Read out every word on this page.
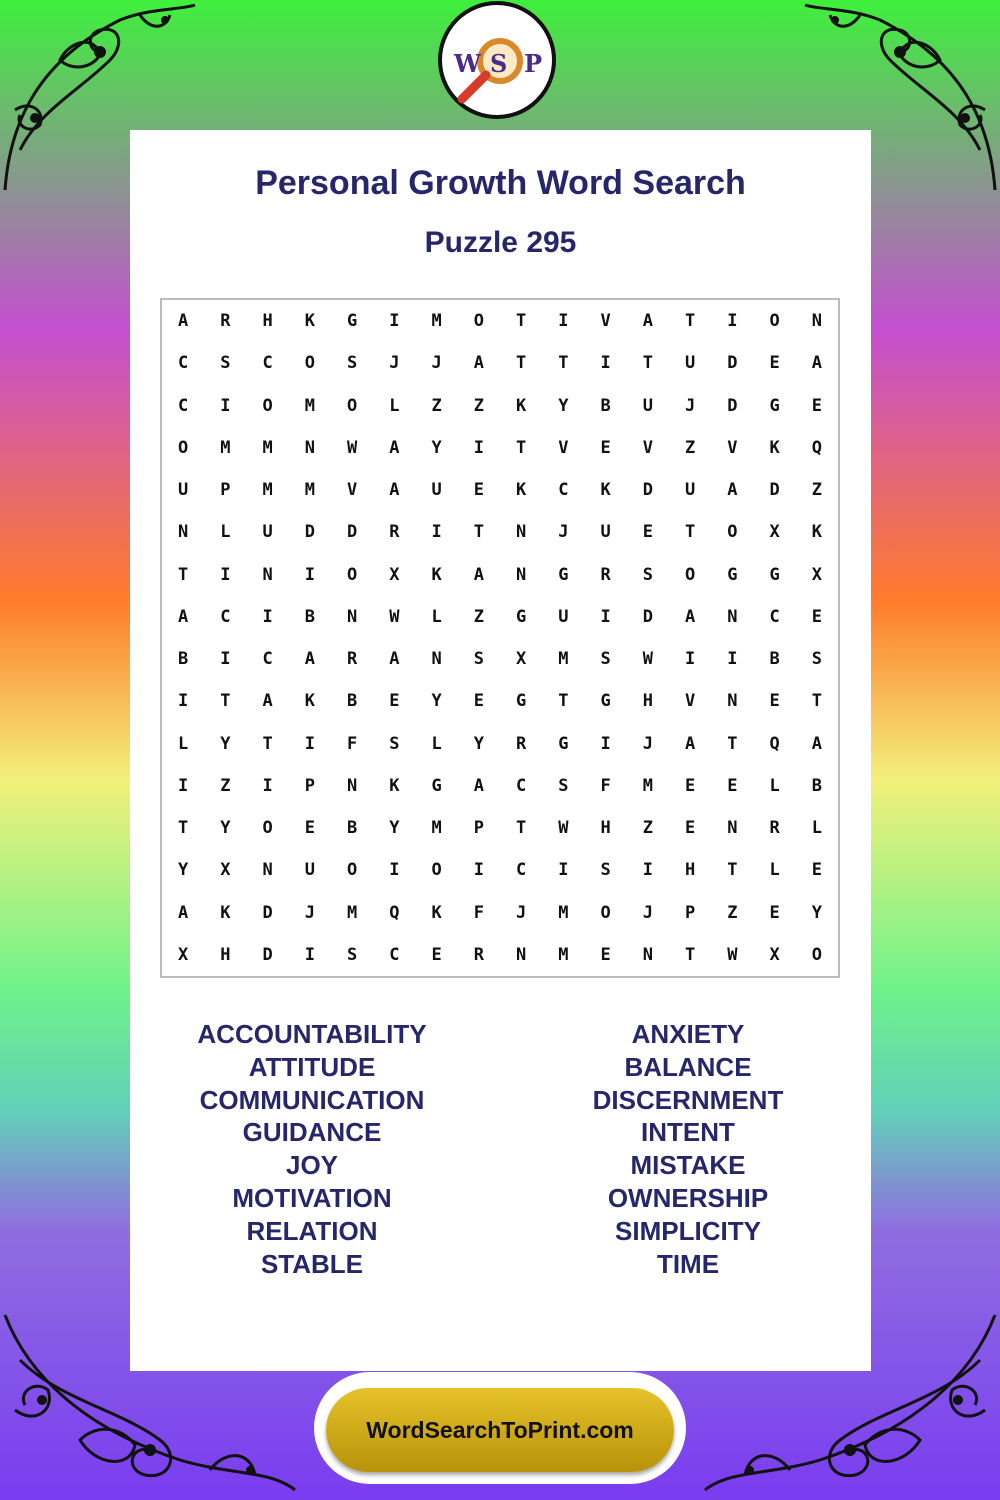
W S P
Personal Growth Word Search
Puzzle 295
A	R	H	K	G	I	M	O	T	I	V	A	T	I	O	N
C	S	C	O	S	J	J	A	T	T	I	T	U	D	E	A
C	I	O	M	O	L	Z	Z	K	Y	B	U	J	D	G	E
O	M	M	N	W	A	Y	I	T	V	E	V	Z	V	K	Q
U	P	M	M	V	A	U	E	K	C	K	D	U	A	D	Z
N	L	U	D	D	R	I	T	N	J	U	E	T	O	X	K
T	I	N	I	O	X	K	A	N	G	R	S	O	G	G	X
A	C	I	B	N	W	L	Z	G	U	I	D	A	N	C	E
B	I	C	A	R	A	N	S	X	M	S	W	I	I	B	S
I	T	A	K	B	E	Y	E	G	T	G	H	V	N	E	T
L	Y	T	I	F	S	L	Y	R	G	I	J	A	T	Q	A
I	Z	I	P	N	K	G	A	C	S	F	M	E	E	L	B
T	Y	O	E	B	Y	M	P	T	W	H	Z	E	N	R	L
Y	X	N	U	O	I	O	I	C	I	S	I	H	T	L	E
A	K	D	J	M	Q	K	F	J	M	O	J	P	Z	E	Y
X	H	D	I	S	C	E	R	N	M	E	N	T	W	X	O
ACCOUNTABILITY
ATTITUDE
COMMUNICATION
GUIDANCE
JOY
MOTIVATION
RELATION
STABLE
ANXIETY
BALANCE
DISCERNMENT
INTENT
MISTAKE
OWNERSHIP
SIMPLICITY
TIME
WordSearchToPrint.com
